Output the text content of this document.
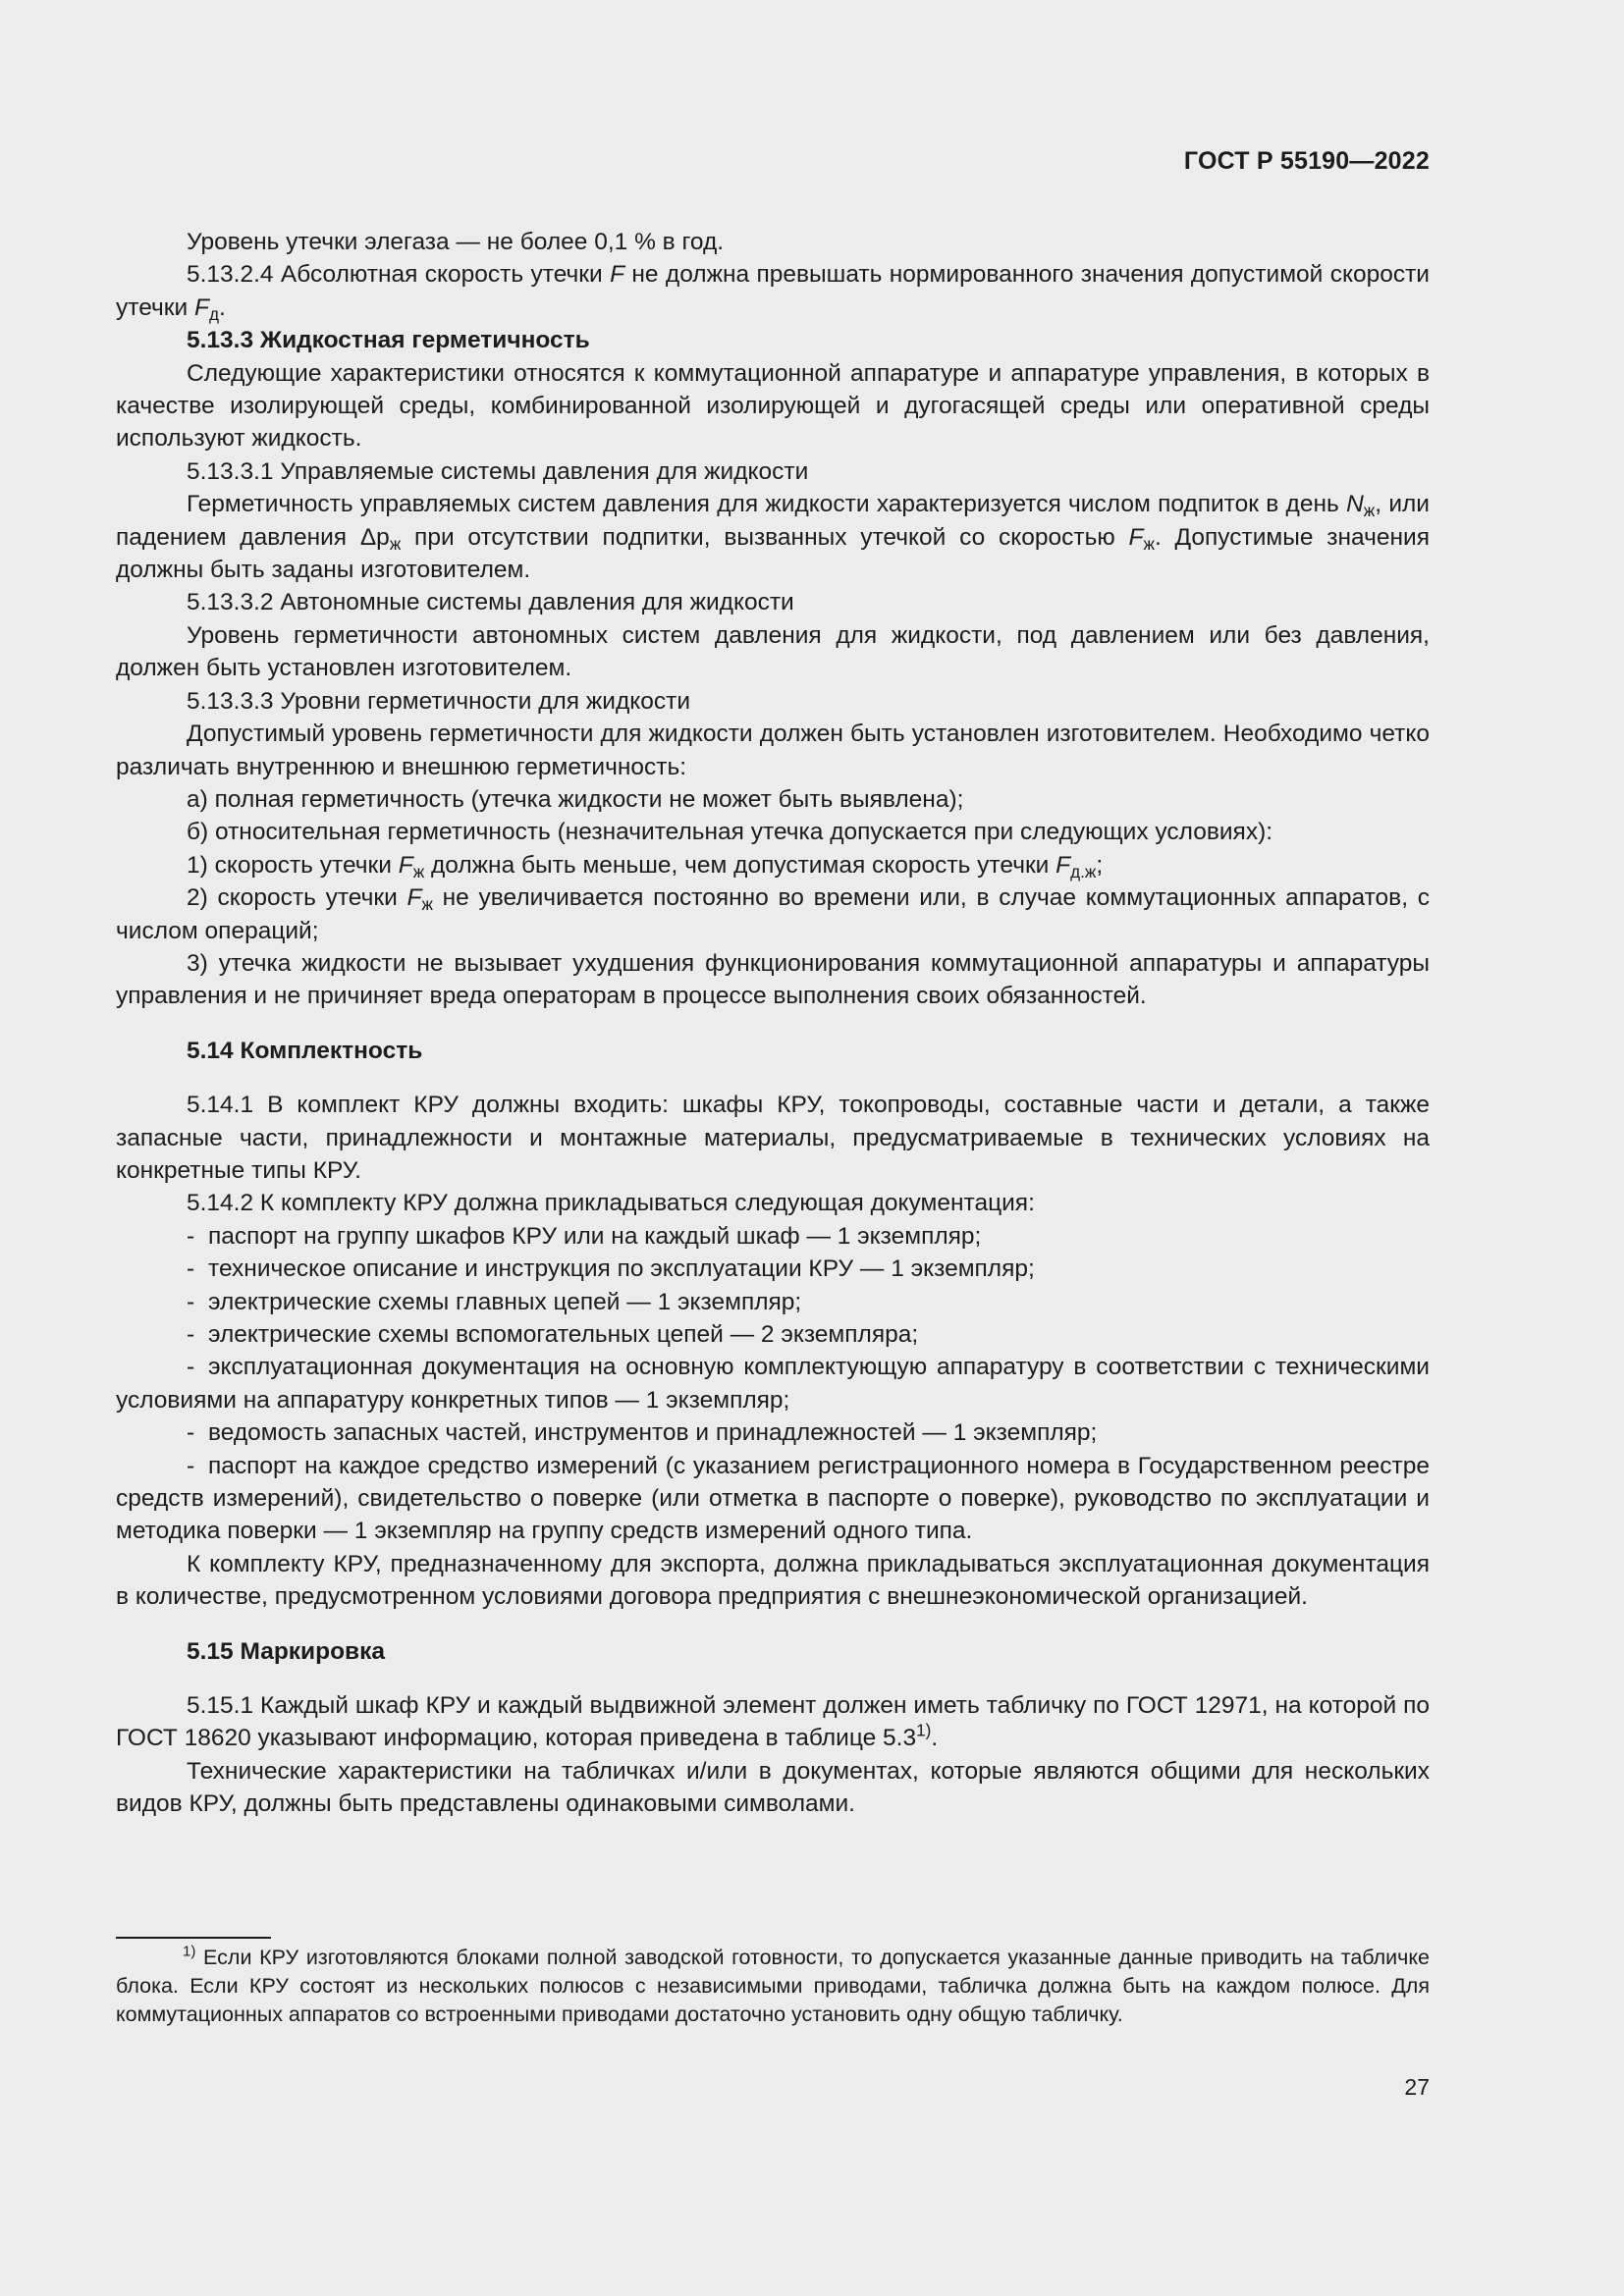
ГОСТ Р 55190—2022

Уровень утечки элегаза — не более 0,1 % в год.

5.13.2.4 Абсолютная скорость утечки F не должна превышать нормированного значения допустимой скорости утечки $F_д$.

5.13.3 Жидкостная герметичность

Следующие характеристики относятся к коммутационной аппаратуре и аппаратуре управления, в которых в качестве изолирующей среды, комбинированной изолирующей и дугогасящей среды или оперативной среды используют жидкость.

5.13.3.1 Управляемые системы давления для жидкости

Герметичность управляемых систем давления для жидкости характеризуется числом подпиток в день $N_ж$, или падением давления $\Delta p_ж$ при отсутствии подпитки, вызванных утечкой со скоростью $F_ж$. Допустимые значения должны быть заданы изготовителем.

5.13.3.2 Автономные системы давления для жидкости

Уровень герметичности автономных систем давления для жидкости, под давлением или без давления, должен быть установлен изготовителем.

5.13.3.3 Уровни герметичности для жидкости

Допустимый уровень герметичности для жидкости должен быть установлен изготовителем. Необходимо четко различать внутреннюю и внешнюю герметичность:

а) полная герметичность (утечка жидкости не может быть выявлена);

б) относительная герметичность (незначительная утечка допускается при следующих условиях):

1) скорость утечки $F_ж$ должна быть меньше, чем допустимая скорость утечки $F_{д.ж}$;

2) скорость утечки $F_ж$ не увеличивается постоянно во времени или, в случае коммутационных аппаратов, с числом операций;

3) утечка жидкости не вызывает ухудшения функционирования коммутационной аппаратуры и аппаратуры управления и не причиняет вреда операторам в процессе выполнения своих обязанностей.

5.14 Комплектность

5.14.1 В комплект КРУ должны входить: шкафы КРУ, токопроводы, составные части и детали, а также запасные части, принадлежности и монтажные материалы, предусматриваемые в технических условиях на конкретные типы КРУ.

5.14.2 К комплекту КРУ должна прикладываться следующая документация:

- паспорт на группу шкафов КРУ или на каждый шкаф — 1 экземпляр;

- техническое описание и инструкция по эксплуатации КРУ — 1 экземпляр;

- электрические схемы главных цепей — 1 экземпляр;

- электрические схемы вспомогательных цепей — 2 экземпляра;

- эксплуатационная документация на основную комплектующую аппаратуру в соответствии с техническими условиями на аппаратуру конкретных типов — 1 экземпляр;

- ведомость запасных частей, инструментов и принадлежностей — 1 экземпляр;

- паспорт на каждое средство измерений (с указанием регистрационного номера в Государственном реестре средств измерений), свидетельство о поверке (или отметка в паспорте о поверке), руководство по эксплуатации и методика поверки — 1 экземпляр на группу средств измерений одного типа.

К комплекту КРУ, предназначенному для экспорта, должна прикладываться эксплуатационная документация в количестве, предусмотренном условиями договора предприятия с внешнеэкономической организацией.

5.15 Маркировка

5.15.1 Каждый шкаф КРУ и каждый выдвижной элемент должен иметь табличку по ГОСТ 12971, на которой по ГОСТ 18620 указывают информацию, которая приведена в таблице 5.3$^{1)}$.

Технические характеристики на табличках и/или в документах, которые являются общими для нескольких видов КРУ, должны быть представлены одинаковыми символами.

$^{1)}$ Если КРУ изготовляются блоками полной заводской готовности, то допускается указанные данные приводить на табличке блока. Если КРУ состоят из нескольких полюсов с независимыми приводами, табличка должна быть на каждом полюсе. Для коммутационных аппаратов со встроенными приводами достаточно установить одну общую табличку.

27
